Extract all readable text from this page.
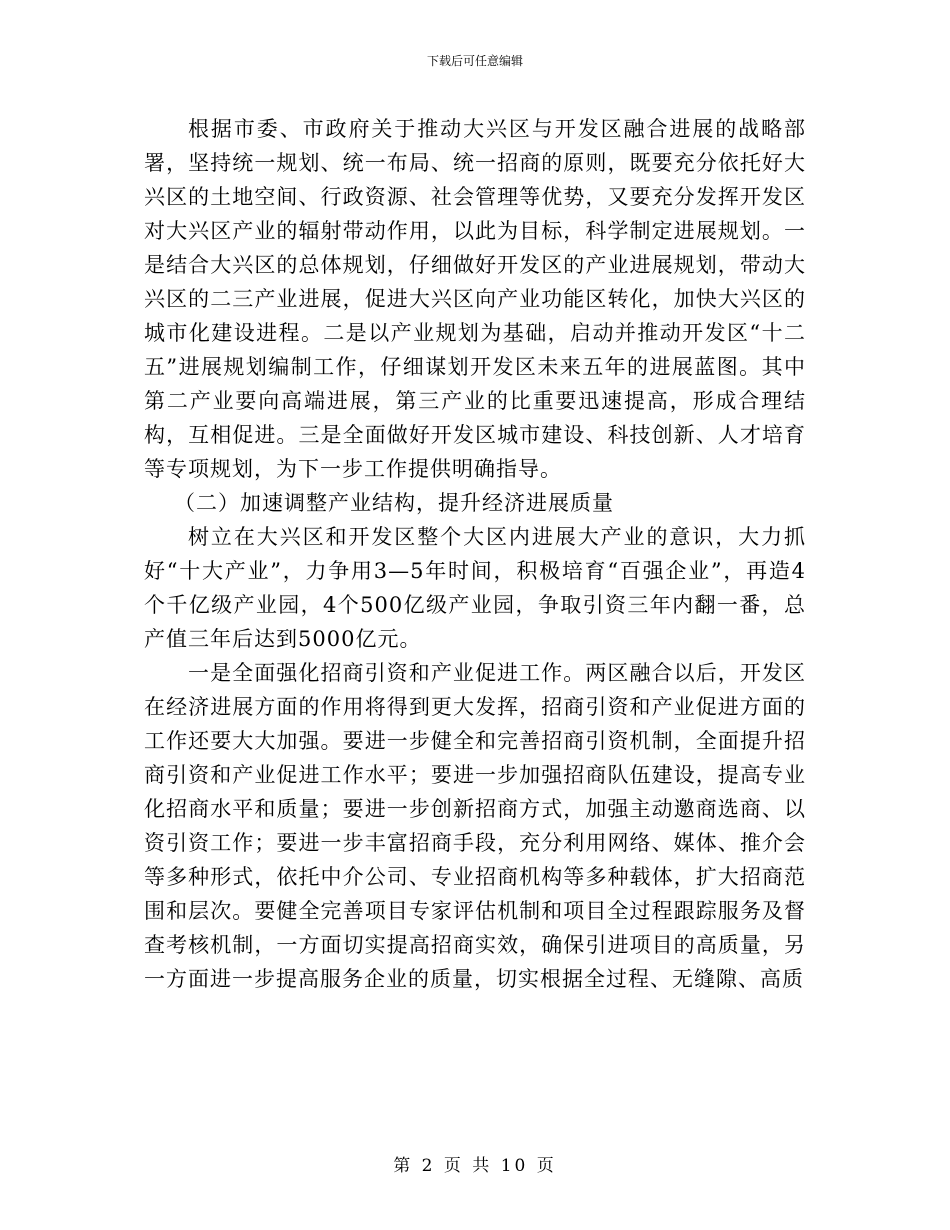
下载后可任意编辑

根据市委、市政府关于推动大兴区与开发区融合进展的战略部署，坚持统一规划、统一布局、统一招商的原则，既要充分依托好大兴区的土地空间、行政资源、社会管理等优势，又要充分发挥开发区对大兴区产业的辐射带动作用，以此为目标，科学制定进展规划。一是结合大兴区的总体规划，仔细做好开发区的产业进展规划，带动大兴区的二三产业进展，促进大兴区向产业功能区转化，加快大兴区的城市化建设进程。二是以产业规划为基础，启动并推动开发区“十二五”进展规划编制工作，仔细谋划开发区未来五年的进展蓝图。其中第二产业要向高端进展，第三产业的比重要迅速提高，形成合理结构，互相促进。三是全面做好开发区城市建设、科技创新、人才培育等专项规划，为下一步工作提供明确指导。

（二）加速调整产业结构，提升经济进展质量

树立在大兴区和开发区整个大区内进展大产业的意识，大力抓好“十大产业”，力争用3—5年时间，积极培育“百强企业”，再造4个千亿级产业园，4个500亿级产业园，争取引资三年内翻一番，总产值三年后达到5000亿元。

一是全面强化招商引资和产业促进工作。两区融合以后，开发区在经济进展方面的作用将得到更大发挥，招商引资和产业促进方面的工作还要大大加强。要进一步健全和完善招商引资机制，全面提升招商引资和产业促进工作水平；要进一步加强招商队伍建设，提高专业化招商水平和质量；要进一步创新招商方式，加强主动邀商选商、以资引资工作；要进一步丰富招商手段，充分利用网络、媒体、推介会等多种形式，依托中介公司、专业招商机构等多种载体，扩大招商范围和层次。要健全完善项目专家评估机制和项目全过程跟踪服务及督查考核机制，一方面切实提高招商实效，确保引进项目的高质量，另一方面进一步提高服务企业的质量，切实根据全过程、无缝隙、高质

第 2 页 共 10 页
